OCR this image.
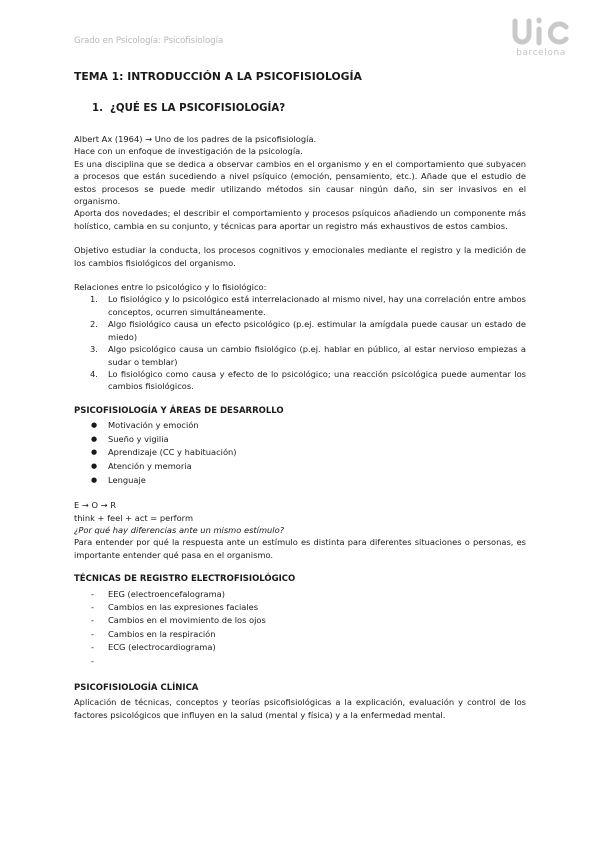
Grado en Psicología: Psicofisiología
barcelona
TEMA 1: INTRODUCCIÓN A LA PSICOFISIOLOGÍA
1. ¿QUÉ ES LA PSICOFISIOLOGÍA?

Albert Ax (1964) → Uno de los padres de la psicofisiología.

Hace con un enfoque de investigación de la psicología.

Es una disciplina que se dedica a observar cambios en el organismo y en el comportamiento que subyacen a procesos que están sucediendo a nivel psíquico (emoción, pensamiento, etc.). Añade que el estudio de estos procesos se puede medir utilizando métodos sin causar ningún daño, sin ser invasivos en el organismo.

Aporta dos novedades; el describir el comportamiento y procesos psíquicos añadiendo un componente más holístico, cambia en su conjunto, y técnicas para aportar un registro más exhaustivos de estos cambios.

Objetivo estudiar la conducta, los procesos cognitivos y emocionales mediante el registro y la medición de los cambios fisiológicos del organismo.

Relaciones entre lo psicológico y lo fisiológico:

1. Lo fisiológico y lo psicológico está interrelacionado al mismo nivel, hay una correlación entre ambos conceptos, ocurren simultáneamente.
2. Algo fisiológico causa un efecto psicológico (p.ej. estimular la amígdala puede causar un estado de miedo)
3. Algo psicológico causa un cambio fisiológico (p.ej. hablar en público, al estar nervioso empiezas a sudar o temblar)
4. Lo fisiológico como causa y efecto de lo psicológico; una reacción psicológica puede aumentar los cambios fisiológicos.
PSICOFISIOLOGÍA Y ÁREAS DE DESARROLLO
● Motivación y emoción
● Sueño y vigilia
● Aprendizaje (CC y habituación)
● Atención y memoria
● Lenguaje

E → O → R

think + feel + act = perform

¿Por qué hay diferencias ante un mismo estímulo?

Para entender por qué la respuesta ante un estímulo es distinta para diferentes situaciones o personas, es importante entender qué pasa en el organismo.

TÉCNICAS DE REGISTRO ELECTROFISIOLÓGICO
- EEG (electroencefalograma)
- Cambios en las expresiones faciales
- Cambios en el movimiento de los ojos
- Cambios en la respiración
- ECG (electrocardiograma)
-
PSICOFISIOLOGÍA CLÍNICA

Aplicación de técnicas, conceptos y teorías psicofisiológicas a la explicación, evaluación y control de los factores psicológicos que influyen en la salud (mental y física) y a la enfermedad mental.
